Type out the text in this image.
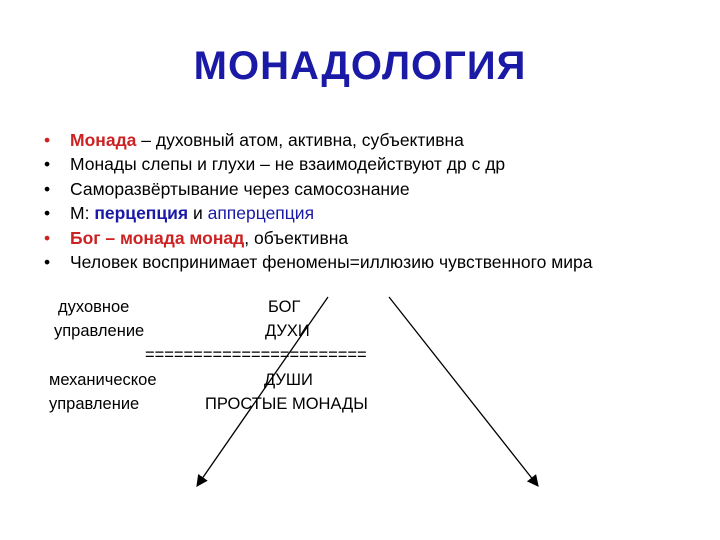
МОНАДОЛОГИЯ
• Монада – духовный атом, активна, субъективна
• Монады слепы и глухи – не взаимодействуют др с др
• Саморазвёртывание через самосознание
• М: перцепция и апперцепция
• Бог – монада монад, объективна
• Человек воспринимает феномены=иллюзию чувственного мира
духовное
управление
механическое
управление
БОГ
ДУХИ
=======================
ДУШИ
ПРОСТЫЕ МОНАДЫ
